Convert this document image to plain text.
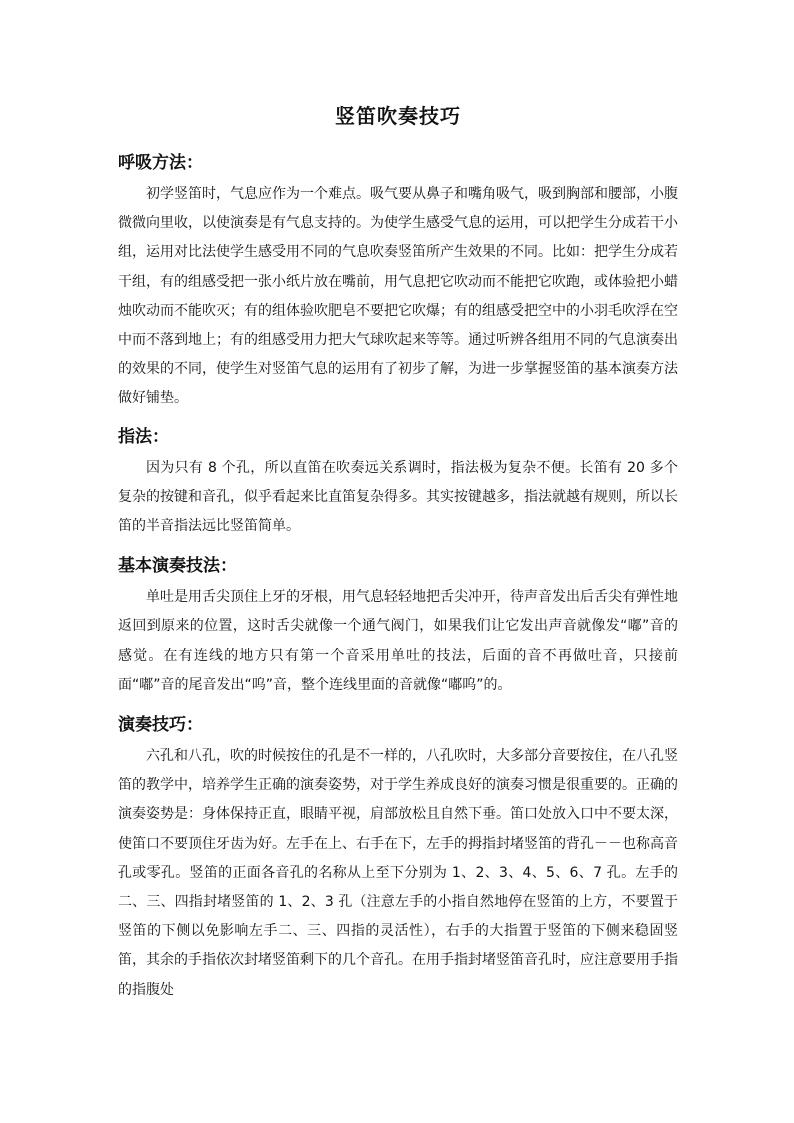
竖笛吹奏技巧
呼吸方法：

初学竖笛时，气息应作为一个难点。吸气要从鼻子和嘴角吸气，吸到胸部和腰部，小腹微微向里收，以使演奏是有气息支持的。为使学生感受气息的运用，可以把学生分成若干小组，运用对比法使学生感受用不同的气息吹奏竖笛所产生效果的不同。比如：把学生分成若干组，有的组感受把一张小纸片放在嘴前，用气息把它吹动而不能把它吹跑，或体验把小蜡烛吹动而不能吹灭；有的组体验吹肥皂不要把它吹爆；有的组感受把空中的小羽毛吹浮在空中而不落到地上；有的组感受用力把大气球吹起来等等。通过听辨各组用不同的气息演奏出的效果的不同，使学生对竖笛气息的运用有了初步了解，为进一步掌握竖笛的基本演奏方法做好铺垫。

指法：

因为只有 8 个孔，所以直笛在吹奏远关系调时，指法极为复杂不便。长笛有 20 多个复杂的按键和音孔，似乎看起来比直笛复杂得多。其实按键越多，指法就越有规则，所以长笛的半音指法远比竖笛简单。

基本演奏技法：

单吐是用舌尖顶住上牙的牙根，用气息轻轻地把舌尖冲开，待声音发出后舌尖有弹性地返回到原来的位置，这时舌尖就像一个通气阀门，如果我们让它发出声音就像发“嘟”音的感觉。在有连线的地方只有第一个音采用单吐的技法，后面的音不再做吐音，只接前面“嘟”音的尾音发出“呜”音，整个连线里面的音就像“嘟呜”的。

演奏技巧：

六孔和八孔，吹的时候按住的孔是不一样的，八孔吹时，大多部分音要按住，在八孔竖笛的教学中，培养学生正确的演奏姿势，对于学生养成良好的演奏习惯是很重要的。正确的演奏姿势是：身体保持正直，眼睛平视，肩部放松且自然下垂。笛口处放入口中不要太深，使笛口不要顶住牙齿为好。左手在上、右手在下，左手的拇指封堵竖笛的背孔－－也称高音孔或零孔。竖笛的正面各音孔的名称从上至下分别为 1、2、3、4、5、6、7 孔。左手的二、三、四指封堵竖笛的 1、2、3 孔（注意左手的小指自然地停在竖笛的上方，不要置于竖笛的下侧以免影响左手二、三、四指的灵活性），右手的大指置于竖笛的下侧来稳固竖笛，其余的手指依次封堵竖笛剩下的几个音孔。在用手指封堵竖笛音孔时，应注意要用手指的指腹处
